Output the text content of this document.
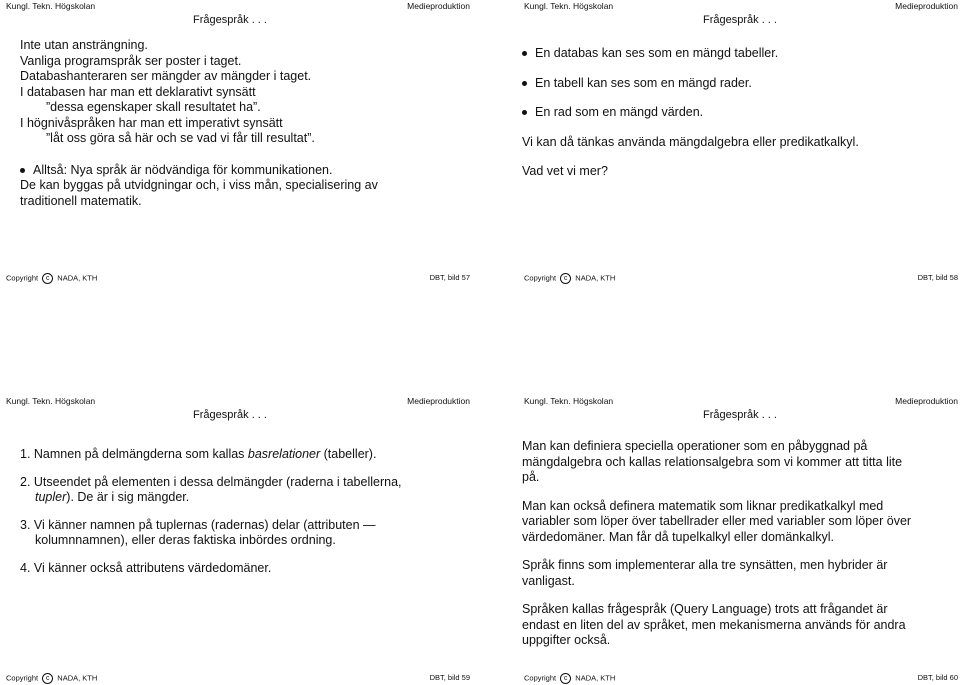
Kungl. Tekn. Högskolan	Medieproduktion
Frågespråk . . .
Inte utan ansträngning.
Vanliga programspråk ser poster i taget.
Databashanteraren ser mängder av mängder i taget.
I databasen har man ett deklarativt synsätt
”dessa egenskaper skall resultatet ha”.
I högnivåspråken har man ett imperativt synsätt
”låt oss göra så här och se vad vi får till resultat”.
Alltså: Nya språk är nödvändiga för kommunikationen.
De kan byggas på utvidgningar och, i viss mån, specialisering av
traditionell matematik.
Copyright c NADA, KTH	DBT, bild 57
Kungl. Tekn. Högskolan	Medieproduktion
Frågespråk . . .
En databas kan ses som en mängd tabeller.
En tabell kan ses som en mängd rader.
En rad som en mängd värden.
Vi kan då tänkas använda mängdalgebra eller predikatkalkyl.
Vad vet vi mer?
Copyright c NADA, KTH	DBT, bild 58
Kungl. Tekn. Högskolan	Medieproduktion
Frågespråk . . .
1. Namnen på delmängderna som kallas basrelationer (tabeller).
2. Utseendet på elementen i dessa delmängder (raderna i tabellerna,
tupler). De är i sig mängder.
3. Vi känner namnen på tuplernas (radernas) delar (attributen —
kolumnnamnen), eller deras faktiska inbördes ordning.
4. Vi känner också attributens värdedomäner.
Copyright c NADA, KTH	DBT, bild 59
Kungl. Tekn. Högskolan	Medieproduktion
Frågespråk . . .

Man kan definiera speciella operationer som en påbyggnad på
mängdalgebra och kallas relationsalgebra som vi kommer att titta lite
på.

Man kan också definera matematik som liknar predikatkalkyl med
variabler som löper över tabellrader eller med variabler som löper över
värdedomäner. Man får då tupelkalkyl eller domänkalkyl.

Språk finns som implementerar alla tre synsätten, men hybrider är
vanligast.

Språken kallas frågespråk (Query Language) trots att frågandet är
endast en liten del av språket, men mekanismerna används för andra
uppgifter också.

Copyright c NADA, KTH	DBT, bild 60
